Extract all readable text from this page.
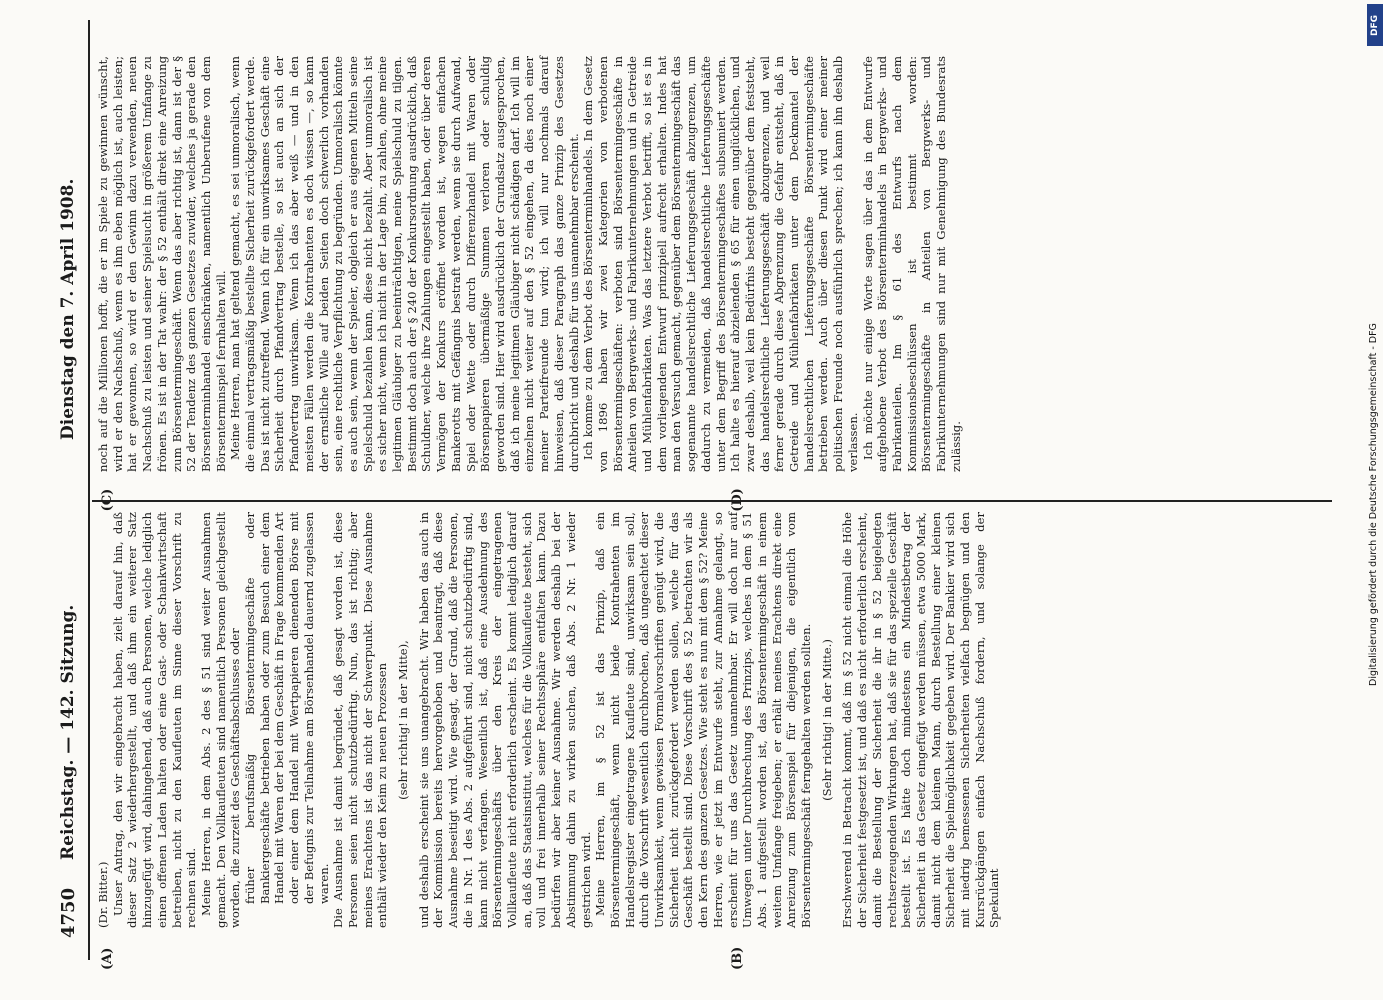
4750
Reichstag. — 142. Sitzung.
Dienstag den 7. April 1908.
(A)	(B)
(C)	(D)

(Dr. Bitter.) Unser Antrag, den wir eingebracht haben, zielt darauf hin, daß dieser Satz 2 wiederhergestellt, und daß ihm ein weiterer Satz hinzugefügt wird, dahingehend, daß auch Personen, welche lediglich einen offenen Laden halten oder eine Gast- oder Schankwirtschaft betreiben, nicht zu den Kaufleuten im Sinne dieser Vorschrift zu rechnen sind. Meine Herren, in dem Abs. 2 des § 51 sind weiter Ausnahmen gemacht. Den Vollkaufleuten sind namentlich Personen gleichgestellt worden, die zurzeit des Geschäftsabschlusses oder früher berufsmäßig Börsentermingeschäfte oder Bankiergeschäfte betrieben haben oder zum Besuch einer dem Handel mit Waren der bei dem Geschäft in Frage kommenden Art oder einer dem Handel mit Wertpapieren dienenden Börse mit der Befugnis zur Teilnahme am Börsenhandel dauernd zugelassen waren. Die Ausnahme ist damit begründet, daß gesagt worden ist, diese Personen seien nicht schutzbedürftig. Nun, das ist richtig; aber meines Erachtens ist das nicht der Schwerpunkt. Diese Ausnahme enthält wieder den Keim zu neuen Prozessen (sehr richtig! in der Mitte), und deshalb erscheint sie uns unangebracht. Wir haben das auch in der Kommission bereits hervorgehoben und beantragt, daß diese Ausnahme beseitigt wird. Wie gesagt, der Grund, daß die Personen, die in Nr. 1 des Abs. 2 aufgeführt sind, nicht schutzbedürftig sind, kann nicht verfangen. Wesentlich ist, daß eine Ausdehnung des Börsentermingeschäfts über den Kreis der eingetragenen Vollkaufleute nicht erforderlich erscheint. Es kommt lediglich darauf an, daß das Staatsinstitut, welches für die Vollkaufleute besteht, sich voll und frei innerhalb seiner Rechtssphäre entfalten kann. Dazu bedürfen wir aber keiner Ausnahme. Wir werden deshalb bei der Abstimmung dahin zu wirken suchen, daß Abs. 2 Nr. 1 wieder gestrichen wird. Meine Herren, im § 52 ist das Prinzip, daß ein Börsentermingeschäft, wenn nicht beide Kontrahenten im Handelsregister eingetragene Kaufleute sind, unwirksam sein soll, durch die Vorschrift wesentlich durchbrochen, daß ungeachtet dieser Unwirksamkeit, wenn gewissen Formalvorschriften genügt wird, die Sicherheit nicht zurückgefordert werden sollen, welche für das Geschäft bestellt sind. Diese Vorschrift des § 52 betrachten wir als den Kern des ganzen Gesetzes. Wie steht es nun mit dem § 52? Meine Herren, wie er jetzt im Entwurfe steht, zur Annahme gelangt, so erscheint für uns das Gesetz unannehmbar. Er will doch nur auf Umwegen unter Durchbrechung des Prinzips, welches in dem § 51 Abs. 1 aufgestellt worden ist, das Börsentermingeschäft in einem weitem Umfange freigeben; er erhält meines Erachtens direkt eine Anreizung zum Börsenspiel für diejenigen, die eigentlich vom Börsentermingeschäft ferngehalten werden sollten. (Sehr richtig! in der Mitte.) Erschwerend in Betracht kommt, daß im § 52 nicht einmal die Höhe der Sicherheit festgesetzt ist, und daß es nicht erforderlich erscheint, damit die Bestellung der Sicherheit die ihr in § 52 beigelegten rechtserzeugenden Wirkungen hat, daß sie für das spezielle Geschäft bestellt ist. Es hätte doch mindestens ein Mindestbetrag der Sicherheit in das Gesetz eingefügt werden müssen, etwa 5000 Mark, damit nicht dem kleinen Mann, durch Bestellung einer kleinen Sicherheit die Spielmöglichkeit gegeben wird. Der Bankier wird sich mit niedrig bemessenen Sicherheiten vielfach begnügen und den Kursrückgängen einfach Nachschuß fordern, und solange der Spekulant

noch auf die Millionen hofft, die er im Spiele zu gewinnen wünscht, wird er den Nachschuß, wenn es ihm eben möglich ist, auch leisten; hat er gewonnen, so wird er den Gewinn dazu verwenden, neuen Nachschuß zu leisten und seiner Spielsucht in größerem Umfange zu frönen. Es ist in der Tat wahr: der § 52 enthält direkt eine Anreizung zum Börsentermingeschäft. Wenn das aber richtig ist, dann ist der § 52 der Tendenz des ganzen Gesetzes zuwider, welches ja gerade den Börsenterminhandel einschränken, namentlich Unberufene von dem Börsenterminspiel fernhalten will. Meine Herren, man hat geltend gemacht, es sei unmoralisch, wenn die einmal vertragsmäßig bestellte Sicherheit zurückgefordert werde. Das ist nicht zutreffend. Wenn ich für ein unwirksames Geschäft eine Sicherheit durch Pfandvertrag bestelle, so ist auch an sich der Pfandvertrag unwirksam. Wenn ich das aber weiß — und in den meisten Fällen werden die Kontrahenten es doch wissen —, so kann der ernstliche Wille auf beiden Seiten doch schwerlich vorhanden sein, eine rechtliche Verpflichtung zu begründen. Unmoralisch könnte es auch sein, wenn der Spieler, obgleich er aus eigenen Mitteln seine Spielschuld bezahlen kann, diese nicht bezahlt. Aber unmoralisch ist es sicher nicht, wenn ich nicht in der Lage bin, zu zahlen, ohne meine legitimen Gläubiger zu beeinträchtigen, meine Spielschuld zu tilgen. Bestimmt doch auch der § 240 der Konkursordnung ausdrücklich, daß Schuldner, welche ihre Zahlungen eingestellt haben, oder über deren Vermögen der Konkurs eröffnet worden ist, wegen einfachen Bankerotts mit Gefängnis bestraft werden, wenn sie durch Aufwand, Spiel oder Wette oder durch Differenzhandel mit Waren oder Börsenpapieren übermäßige Summen verloren oder schuldig geworden sind. Hier wird ausdrücklich der Grundsatz ausgesprochen, daß ich meine legitimen Gläubiger nicht schädigen darf. Ich will im einzelnen nicht weiter auf den § 52 eingehen, da dies noch einer meiner Parteifreunde tun wird; ich will nur nochmals darauf hinweisen, daß dieser Paragraph das ganze Prinzip des Gesetzes durchbricht und deshalb für uns unannehmbar erscheint. Ich komme zu dem Verbot des Börsenterminhandels. In dem Gesetz von 1896 haben wir zwei Kategorien von verbotenen Börsentermingeschäften: verboten sind Börsentermingeschäfte in Anteilen von Bergwerks- und Fabrikunternehmungen und in Getreide und Mühlenfabrikaten. Was das letztere Verbot betrifft, so ist es in dem vorliegenden Entwurf prinzipiell aufrecht erhalten. Indes hat man den Versuch gemacht, gegenüber dem Börsentermingeschäft das sogenannte handelsrechtliche Lieferungsgeschäft abzugrenzen, um dadurch zu vermeiden, daß handelsrechtliche Lieferungsgeschäfte unter dem Begriff des Börsentermingeschäftes subsumiert werden. Ich halte es hierauf abzielenden § 65 für einen unglücklichen, und zwar deshalb, weil kein Bedürfnis besteht gegenüber dem feststeht, das handelsrechtliche Lieferungsgeschäft abzugrenzen, und weil ferner gerade durch diese Abgrenzung die Gefahr entsteht, daß in Getreide und Mühlenfabrikaten unter dem Deckmantel der handelsrechtlichen Lieferungsgeschäfte Börsentermingeschäfte betrieben werden. Auch über diesen Punkt wird einer meiner politischen Freunde noch ausführlich sprechen; ich kann ihn deshalb verlassen. Ich möchte nur einige Worte sagen über das in dem Entwurfe aufgehobene Verbot des Börsenterminhandels in Bergwerks- und Fabrikanteilen. Im § 61 des Entwurfs nach dem Kommissionsbeschlüssen ist bestimmt worden: Börsentermingeschäfte in Anteilen von Bergwerks- und Fabrikunternehmungen sind nur mit Genehmigung des Bundesrats zulässig.

DFG
Digitalisierung gefördert durch die Deutsche Forschungsgemeinschaft - DFG
